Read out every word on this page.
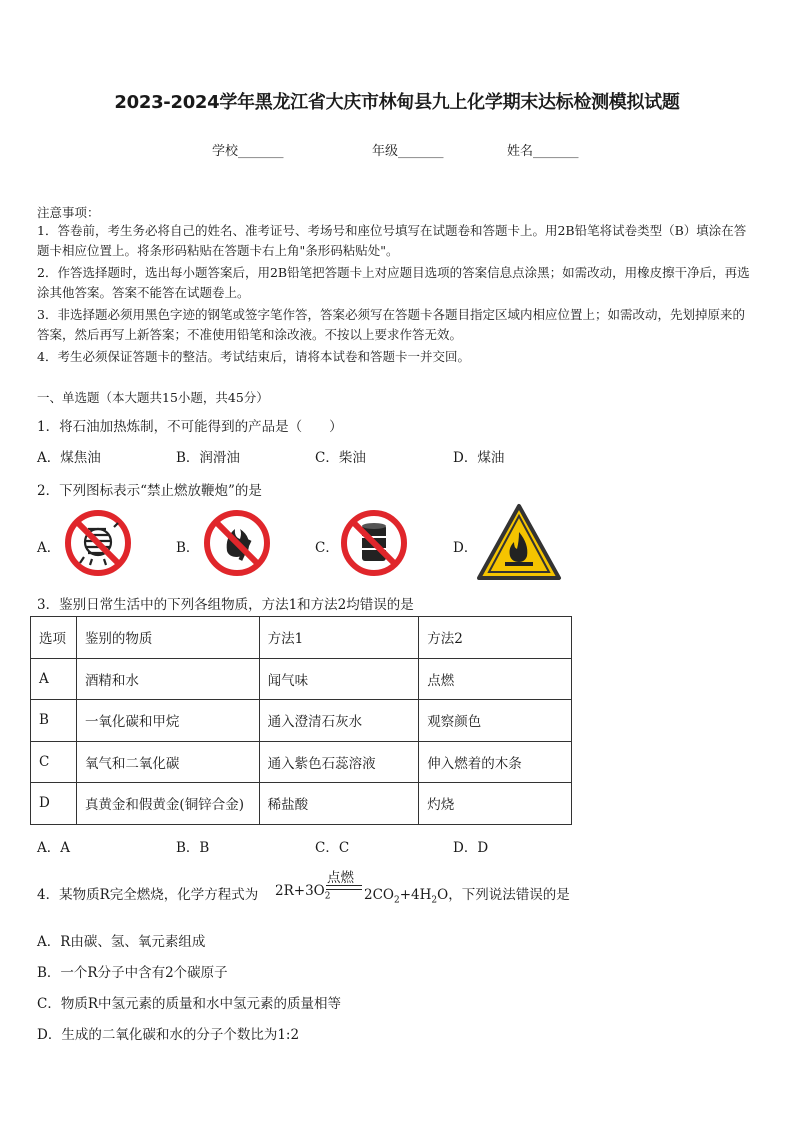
2023-2024学年黑龙江省大庆市林甸县九上化学期末达标检测模拟试题
学校_______	年级_______	姓名_______
注意事项：
1．答卷前，考生务必将自己的姓名、准考证号、考场号和座位号填写在试题卷和答题卡上。用2B铅笔将试卷类型（B）填涂在答题卡相应位置上。将条形码粘贴在答题卡右上角"条形码粘贴处"。
2．作答选择题时，选出每小题答案后，用2B铅笔把答题卡上对应题目选项的答案信息点涂黑；如需改动，用橡皮擦干净后，再选涂其他答案。答案不能答在试题卷上。
3．非选择题必须用黑色字迹的钢笔或签字笔作答，答案必须写在答题卡各题目指定区域内相应位置上；如需改动，先划掉原来的答案，然后再写上新答案；不准使用铅笔和涂改液。不按以上要求作答无效。
4．考生必须保证答题卡的整洁。考试结束后，请将本试卷和答题卡一并交回。
一、单选题（本大题共15小题，共45分）
1．将石油加热炼制，不可能得到的产品是（　　）
A．煤焦油	B．润滑油	C．柴油	D．煤油
2．下列图标表示“禁止燃放鞭炮”的是
A．	B．	C．	D．
3．鉴别日常生活中的下列各组物质，方法1和方法2均错误的是
选项	鉴别的物质	方法1	方法2
A	酒精和水	闻气味	点燃
B	一氧化碳和甲烷	通入澄清石灰水	观察颜色
C	氧气和二氧化碳	通入紫色石蕊溶液	伸入燃着的木条
D	真黄金和假黄金(铜锌合金)	稀盐酸	灼烧
A．A	B．B	C．C	D．D
4．某物质R完全燃烧，化学方程式为 $2R+3O_2$
点燃
$2CO_2+4H_2O$，下列说法错误的是
A．R由碳、氢、氧元素组成
B．一个R分子中含有2个碳原子
C．物质R中氢元素的质量和水中氢元素的质量相等
D．生成的二氧化碳和水的分子个数比为1:2
